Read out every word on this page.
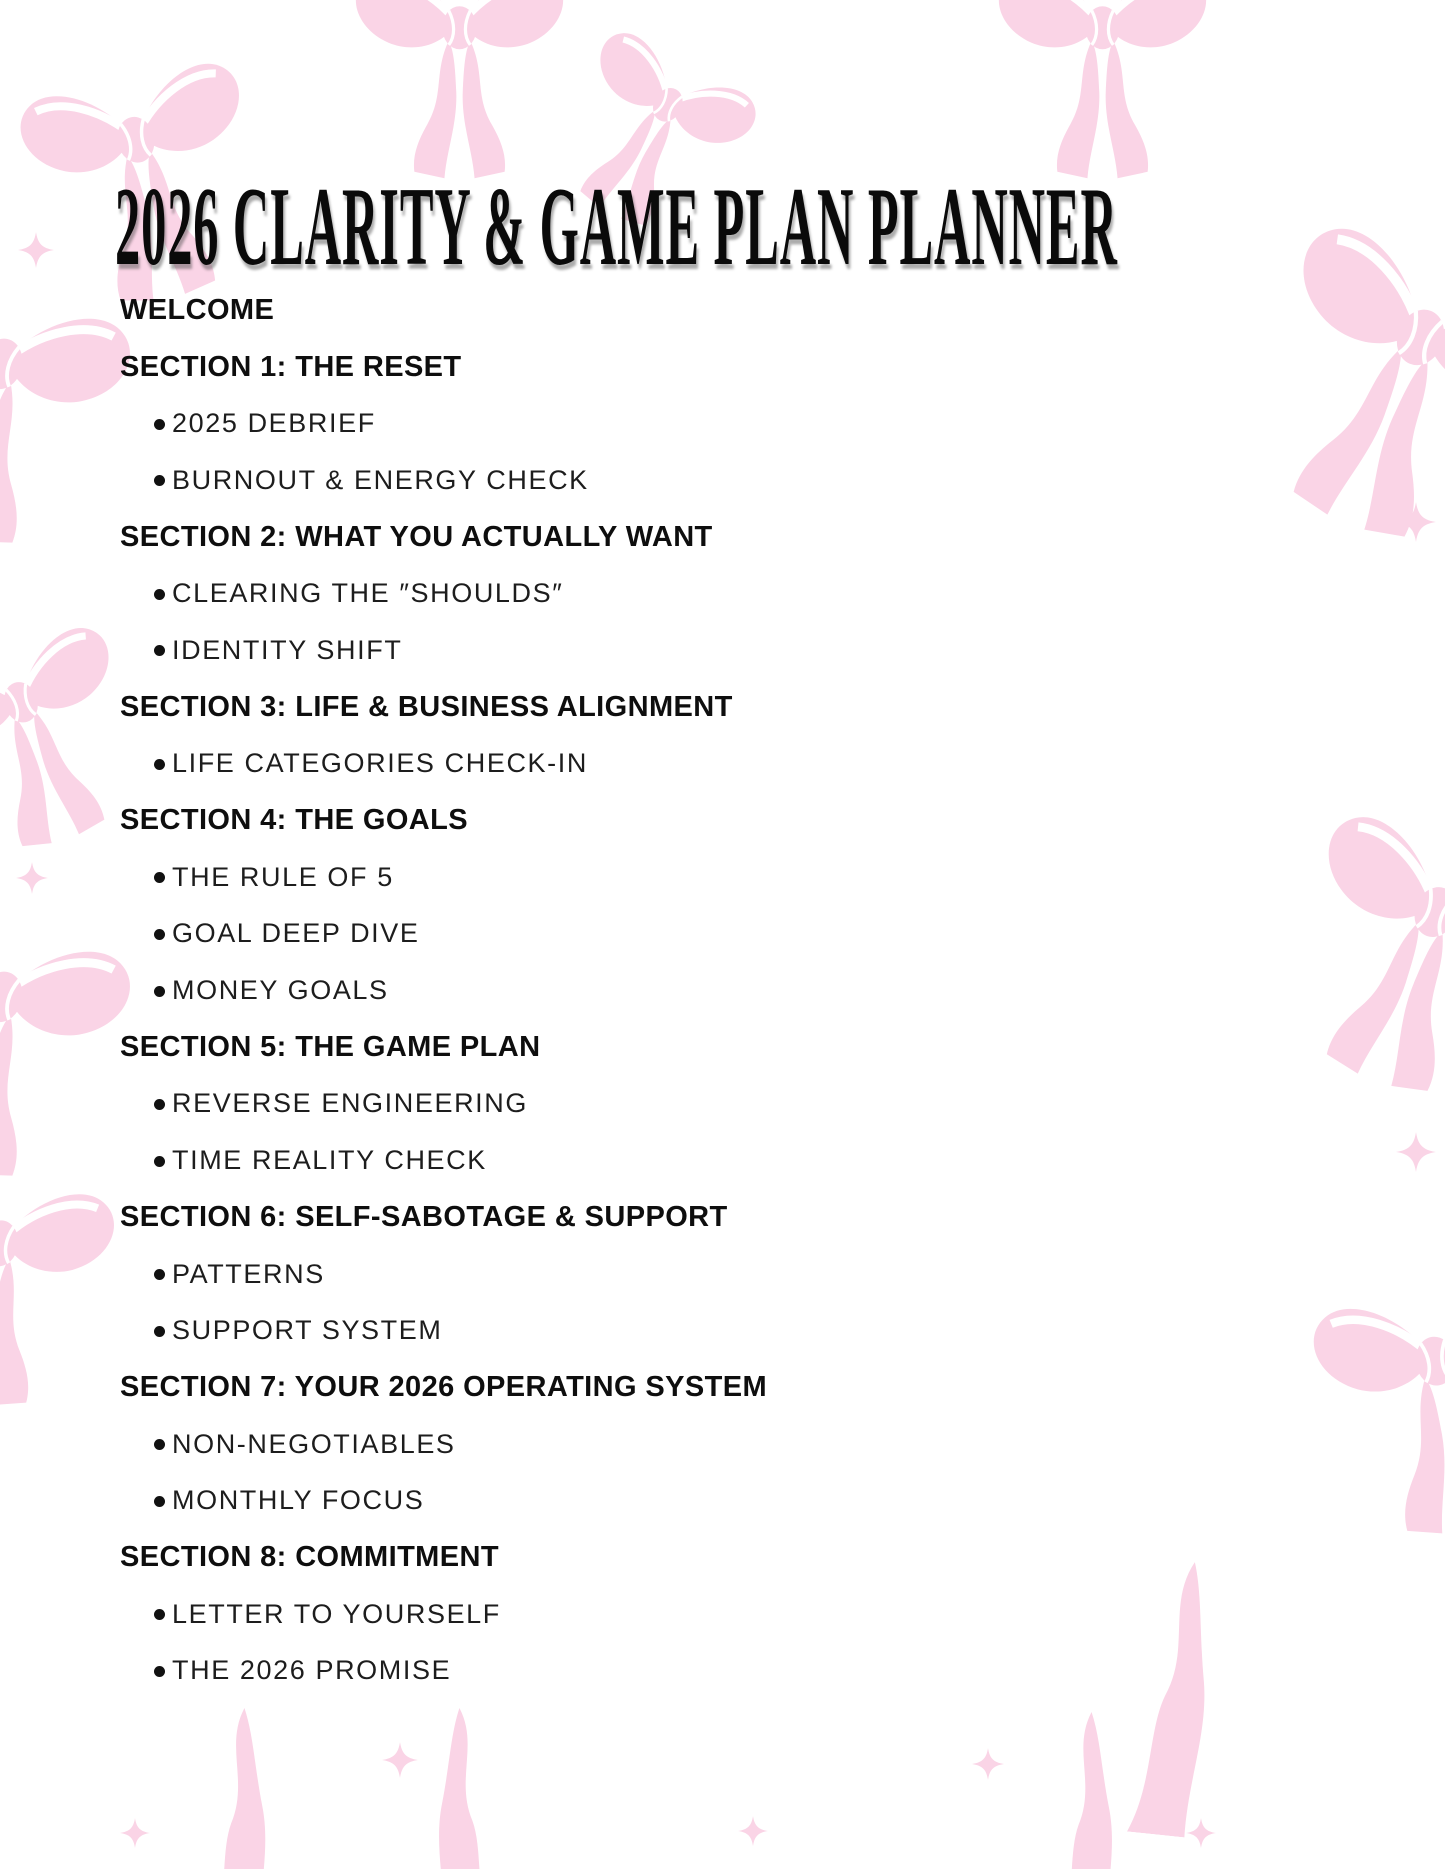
2026 CLARITY & GAME PLAN PLANNER
WELCOME
SECTION 1: THE RESET
2025 DEBRIEF
BURNOUT & ENERGY CHECK
SECTION 2: WHAT YOU ACTUALLY WANT
CLEARING THE ″SHOULDS″
IDENTITY SHIFT
SECTION 3: LIFE & BUSINESS ALIGNMENT
LIFE CATEGORIES CHECK-IN
SECTION 4: THE GOALS
THE RULE OF 5
GOAL DEEP DIVE
MONEY GOALS
SECTION 5: THE GAME PLAN
REVERSE ENGINEERING
TIME REALITY CHECK
SECTION 6: SELF-SABOTAGE & SUPPORT
PATTERNS
SUPPORT SYSTEM
SECTION 7: YOUR 2026 OPERATING SYSTEM
NON-NEGOTIABLES
MONTHLY FOCUS
SECTION 8: COMMITMENT
LETTER TO YOURSELF
THE 2026 PROMISE
